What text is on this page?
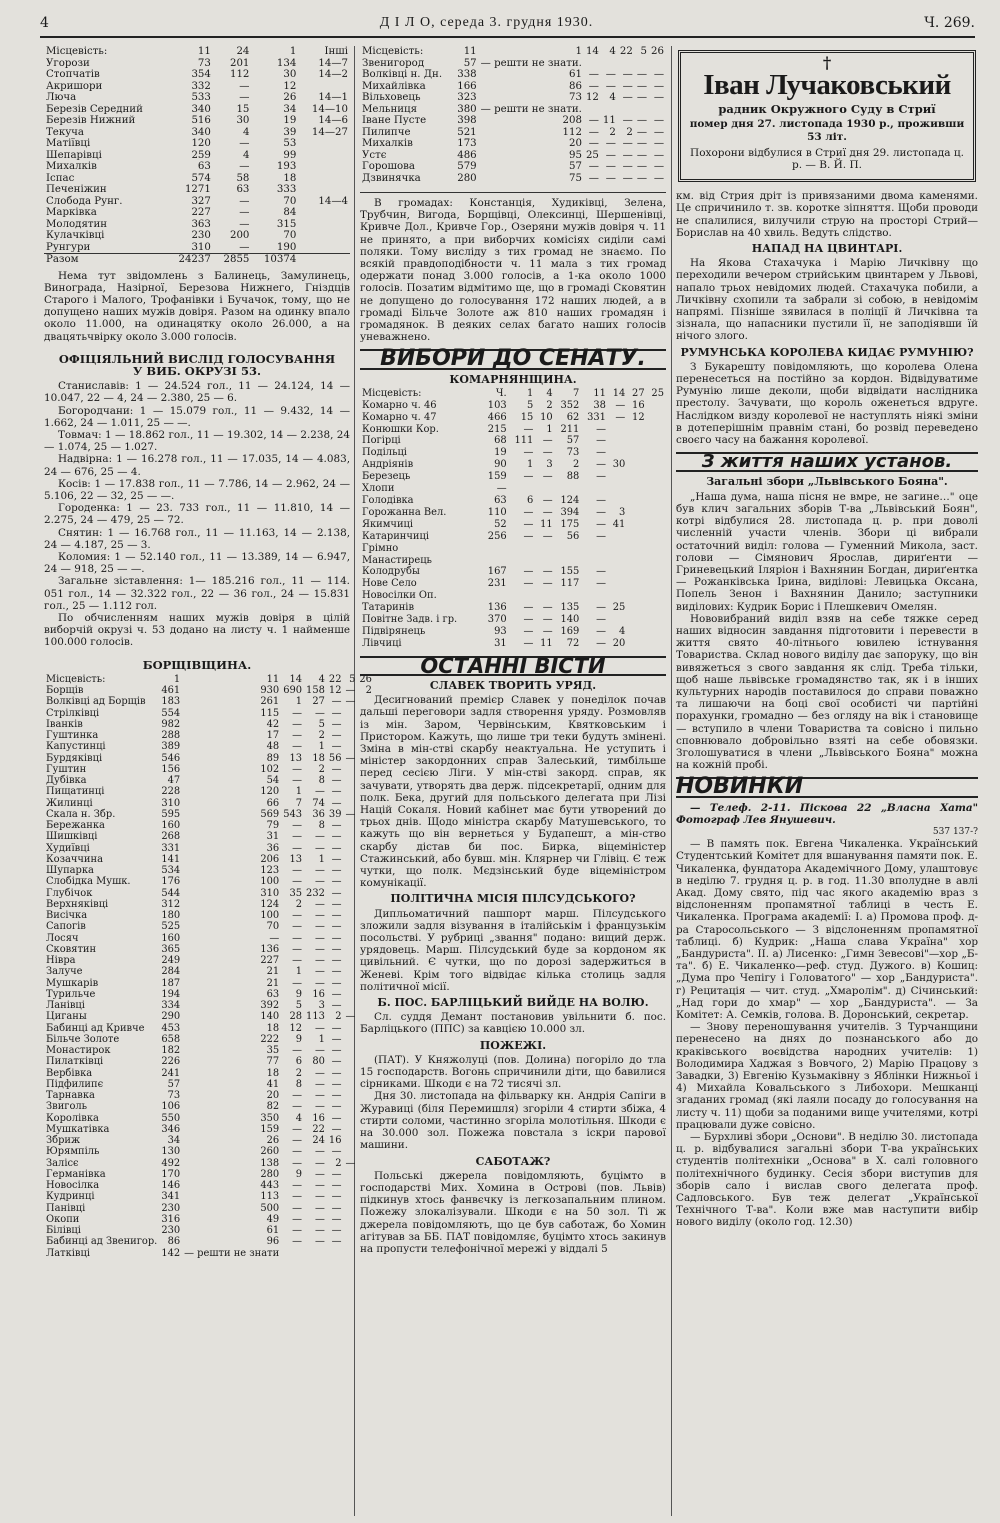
4	Д І Л О, середа 3. грудня 1930.	Ч. 269.
Місцевість:	11	24	1	Інші
Угорози	73	201	134	14—7
Стопчатів	354	112	30	14—2
Акришори	332	—	12	
Люча	533	—	26	14—1
Березів Середний	340	15	34	14—10
Березів Нижний	516	30	19	14—6
Текуча	340	4	39	14—27
Матіївці	120	—	53	
Шепарівці	259	4	99	
Михалків	63	—	193	
Іспас	574	58	18	
Печеніжин	1271	63	333	
Слобода Рунг.	327	—	70	14—4
Марківка	227	—	84	
Молодятин	363	—	315	
Кулачківці	230	200	70	
Рунгури	310	—	190	
Разом	24237	2855	10374	

Нема тут звідомлень з Балинець, Замулинець, Винограда, Назірної, Березова Нижнего, Гніздців Старого і Малого, Трофанівки і Бучачок, тому, що не допущено наших мужів довіря. Разом на одинку впало около 11.000, на одинацятку около 26.000, а на двацятьчвірку около 3.000 голосів.

ОФІЦІЯЛЬНИЙ ВИСЛІД ГОЛОСУВАННЯ
У ВИБ. ОКРУЗІ 53.

Станиславів: 1 — 24.524 гол., 11 — 24.124, 14 — 10.047, 22 — 4, 24 — 2.380, 25 — 6.

Богородчани: 1 — 15.079 гол., 11 — 9.432, 14 — 1.662, 24 — 1.011, 25 — —.

Товмач: 1 — 18.862 гол., 11 — 19.302, 14 — 2.238, 24 — 1.074, 25 — 1.027.

Надвірна: 1 — 16.278 гол., 11 — 17.035, 14 — 4.083, 24 — 676, 25 — 4.

Косів: 1 — 17.838 гол., 11 — 7.786, 14 — 2.962, 24 — 5.106, 22 — 32, 25 — —.

Городенка: 1 — 23. 733 гол., 11 — 11.810, 14 — 2.275, 24 — 479, 25 — 72.

Снятин: 1 — 16.768 гол., 11 — 11.163, 14 — 2.138, 24 — 4.187, 25 — 3.

Коломия: 1 — 52.140 гол., 11 — 13.389, 14 — 6.947, 24 — 918, 25 — —.

Загальне зіставлення: 1— 185.216 гол., 11 — 114. 051 гол., 14 — 32.322 гол., 22 — 36 гол., 24 — 15.831 гол., 25 — 1.112 гол.

По обчисленням наших мужів довіря в цілій виборчій окрузі ч. 53 додано на листу ч. 1 найменше 100.000 голосів.

БОРЩІВЩИНА.
Місцевість:	1	11	14	4	22	5	26
Борщів	461	930	690	158	12	—	2
Волківці ад Борщів	183	261	1	27	—	—	
Стрілківці	554	115	—	—	—		
Іванків	982	42	—	5	—		
Гуштинка	288	17	—	2	—		
Капустинці	389	48	—	1	—		
Бурдяківці	546	89	13	18	56	—	
Гуштин	156	102	—	2	—		
Дубівка	47	54	—	8	—		
Пищатинці	228	120	1	—	—		
Жилинці	310	66	7	74	—		
Скала н. Збр.	595	569	543	36	39	—	
Бережанка	160	79	—	8	—		
Шишківці	268	31	—	—	—		
Худиївці	331	36	—	—	—		
Козаччина	141	206	13	1	—		
Шупарка	534	123	—	—	—		
Слобідка Мушк.	176	100	—	—	—		
Глубічок	544	310	35	232	—		
Верхняківці	312	124	2	—	—		
Висічка	180	100	—	—	—		
Сапогів	525	70	—	—	—		
Лосяч	160	—	—	—	—		
Сковятин	365	136	—	—	—		
Нівра	249	227	—	—	—		
Залуче	284	21	1	—	—		
Мушкарів	187	21	—	—	—		
Турильче	194	63	9	16	—		
Ланівці	334	392	5	3	—		
Циганы	290	140	28	113	2	—	
Бабинці ад Кривче	453	18	12	—	—		
Більче Золоте	658	222	9	1	—		
Монастирок	182	35	—	—	—		
Пилатківці	226	77	6	80	—		
Вербівка	241	18	2	—	—		
Підфилипє	57	41	8	—	—		
Тарнавка	73	20	—	—	—		
Звиголь	106	82	—	—	—		
Королівка	550	350	4	16	—		
Мушкатівка	346	159	—	22	—		
Збриж	34	26	—	24	16		
Юрямпіль	130	260	—	—	—		
Залісє	492	138	—	—	2	—	
Германівка	170	280	9	—	—		
Новосілка	146	443	—	—	—		
Кудринці	341	113	—	—	—		
Панівці	230	500	—	—	—		
Окопи	316	49	—	—	—		
Білівці	230	61	—	—	—		
Бабинці ад Звенигор.	86	96	—	—	—		
Латківці	142	— решти не знати					
Місцевість:	11	1	14	4	22	5	26
Звенигород	57	— решти не знати.					
Волківці н. Дн.	338	61	—	—	—	—	—
Михайлівка	166	86	—	—	—	—	—
Вільховець	323	73	12	4	—	—	—
Мельниця	380	— решти не знати.					
Іване Пусте	398	208	—	11	—	—	—
Пилипче	521	112	—	2	2	—	—
Михалків	173	20	—	—	—	—	—
Устє	486	95	25	—	—	—	—
Горошова	579	57	—	—	—	—	—
Дзвинячка	280	75	—	—	—	—	—

В громадах: Констанція, Худиківці, Зелена, Трубчин, Вигода, Борщівці, Олексинці, Шершенівці, Кривче Дол., Кривче Гор., Озеряни мужів довіря ч. 11 не принято, а при виборчих комісіях сиділи самі поляки. Тому висліду з тих громад не знаємо. По всякій правдоподібности ч. 11 мала з тих громад одержати понад 3.000 голосів, а 1-ка около 1000 голосів. Позатим відмітимо ще, що в громаді Сковятин не допущено до голосування 172 наших людей, а в громаді Більче Золоте аж 810 наших громадян і громадянок. В деяких селах багато наших голосів уневажнено.

ВИБОРИ ДО СЕНАТУ.
КОМАРНЯНЩИНА.
Місцевість:	Ч.	1	4	7	11	14	27	25
Комарно ч. 46	103	5	2	352	38	—	16	
Комарно ч. 47	466	15	10	62	331	—	12	
Конюшки Кор.	215	—	1	211	—			
Погірці	68	111	—	57	—			
Подільці	19	—	—	73	—			
Андріянів	90	1	3	2	—	30		
Березець	159	—	—	88	—			
Хлопи	—							
Голодівка	63	6	—	124	—			
Горожанна Вел.	110	—	—	394	—	3		
Якимчиці	52	—	11	175	—	41		
Катаринчиці	256	—	—	56	—			
Грімно								
Манастирець								
Колодрубы	167	—	—	155	—			
Нове Село	231	—	—	117	—			
Новосілки Оп.								
Татаринів	136	—	—	135	—	25		
Повітне Задв. і гр.	370	—	—	140	—			
Підвірянець	93	—	—	169	—	4		
Лівчиці	31	—	11	72	—	20		
ОСТАННІ ВІСТИ
СЛАВЕК ТВОРИТЬ УРЯД.

Десигнований премієр Славек у понеділок почав дальші переговори задля створення уряду. Розмовляв із мін. Заром, Червінським, Квятковським і Пристором. Кажуть, що лише три теки будуть змінені. Зміна в мін-стві скарбу неактуальна. Не уступить і міністер закордонних справ Залеський, тимбільше перед сесією Ліги. У мін-стві закорд. справ, як зачувати, утворять два держ. підсекретарії, одним для полк. Бека, другий для польського делегата при Лізі Націй Сокаля. Новий кабінет має бути утворений до трьох днів. Щодо міністра скарбу Матушевського, то кажуть що він вернеться у Будапешт, а мін-ство скарбу дістав би пос. Бирка, віцеміністер Стажинський, або бувш. мін. Клярнер чи Глівіц. Є теж чутки, що полк. Мєдзінський буде віцеміністром комунікації.

ПОЛІТИЧНА МІСІЯ ПІЛСУДСЬКОГО?

Дипльоматичний пашпорт марш. Пілсудського зложили задля візування в італійськім і французькім посольстві. У рубриці „звання" подано: вищий держ. урядовець. Марш. Пілсудський буде за кордоном як цивільний. Є чутки, що по дорозі задержиться в Женеві. Крім того відвідає кілька столиць задля політичної місії.

Б. ПОС. БАРЛІЦЬКИЙ ВИЙДЕ НА ВОЛЮ.

Сл. суддя Демант постановив увільнити б. пос. Барліцького (ППС) за кавцією 10.000 зл.

ПОЖЕЖІ.

(ПАТ). У Княжолуці (пов. Долина) погоріло до тла 15 господарств. Вогонь спричинили діти, що бавилися сірниками. Шкоди є на 72 тисячі зл.

Дня 30. листопада на фільварку кн. Андрія Сапіги в Журавиці (біля Перемишля) згоріли 4 стирти збіжа, 4 стирти соломи, частинно згоріла молотільня. Шкоди є на 30.000 зол. Пожежа повстала з іскри парової машини.

САБОТАЖ?

Польські джерела повідомляють, буцімто в господарстві Мих. Хомина в Острові (пов. Львів) підкинув хтось фанвєчку із легкозапальним плином. Пожежу злокалізували. Шкоди є на 50 зол. Ті ж джерела повідомляють, що це був саботаж, бо Хомин агітував за ББ. ПАТ повідомляє, буцімто хтось закинув на пропусти телефонічної мережі у віддалі 5

†
Іван Лучаковський
радник Окружного Суду в Стриї
помер дня 27. листопада 1930 р., проживши 53 літ.
Похорони відбулися в Стриї дня 29. листопада ц. р. — В. Й. П.

км. від Стрия дріт із привязаними двома каменями. Це спричинило т. зв. коротке зіпняття. Щоби проводи не спалилися, вилучили струю на просторі Стрий—Борислав на 40 хвиль. Ведуть слідство.

НАПАД НА ЦВИНТАРІ.

На Якова Стахачука і Марію Личківну що переходили вечером стрийським цвинтарем у Львові, напало трьох невідомих людей. Стахачука побили, а Личківну схопили та забрали зі собою, в невідомім напрямі. Пізніше зявилася в поліції й Личківна та зізнала, що напасники пустили її, не заподіявши їй нічого злого.

РУМУНСЬКА КОРОЛЕВА КИДАЄ РУМУНІЮ?

З Букарешту повідомляють, що королева Олена перенесеться на постійно за кордон. Відвідуватиме Румунію лише деколи, щоби відвідати наслідника престолу. Зачувати, що король оженеться вдруге. Наслідком визду королевої не наступлять ніякі зміни в дотеперішнім правнім стані, бо розвід переведено своєго часу на бажання королевої.

З життя наших установ.
Загальні збори „Львівського Бояна".

„Наша дума, наша пісня не вмре, не загине…" оце був клич загальних зборів Т-ва „Львівський Боян", котрі відбулися 28. листопада ц. р. при доволі численній участи членів. Збори ці вибрали остаточний виділ: голова — Гуменний Микола, заст. голови — Сімянович Ярослав, дириґенти — Гриневецький Іляріон і Вахнянин Богдан, дириґентка — Рожанківська Ірина, виділові: Левицька Оксана, Попель Зенон і Вахнянин Данило; заступники виділових: Кудрик Борис і Плешкевич Омелян.

Нововибраний виділ взяв на себе тяжке серед наших відносин завдання підготовити і перевести в життя свято 40-літнього ювилею істнування Товариства. Склад нового виділу дає запоруку, що він вивяжеться з свого завдання як слід. Треба тільки, щоб наше львівське громадянство так, як і в інших культурних народів поставилося до справи поважно та лишаючи на боці свої особисті чи партійні порахунки, громадно — без огляду на вік і становище — вступило в члени Товариства та совісно і пильно сповнювало добровільно взяті на себе обовязки. Зголошуватися в члени „Львівського Бояна" можна на кожній пробі.

НОВИНКИ

— Телеф. 2-11. Піскова 22 „Власна Хата" Фотограф Лев Янушевич.

537 137-?

— В память пок. Евгена Чикаленка. Український Студентський Комітет для вшанування памяти пок. Е. Чикаленка, фундатора Академічного Дому, улаштовує в неділю 7. грудня ц. р. в год. 11.30 вполудне в авлі Акад. Дому свято, під час якого академію враз з відслоненням пропамятної таблиці в честь Е. Чикаленка. Програма академії: І. а) Промова проф. д-ра Старосольського — З відслоненням пропамятної таблиці. б) Кудрик: „Наша слава Україна" хор „Бандуриста". ІІ. а) Лисенко: „Гимн Зевесові"—хор „Б-та". б) Е. Чикаленко—реф. студ. Дужого. в) Кошиц: „Дума про Чепігу і Головатого" — хор „Бандуриста". г) Рецитація — чит. студ. „Хмаролім". д) Січинський: „Над гори до хмар" — хор „Бандуриста". — За Комітет: А. Семків, голова. В. Доронський, секретар.

— Знову переношування учителів. З Турчанщини перенесено на днях до познанського або до краківського воєвідства народних учителів: 1) Володимира Хаджая з Вовчого, 2) Марію Працову з Завадки, 3) Евгенію Кузьмаківну з Яблінки Нижньої і 4) Михайла Ковальського з Либохори. Мешканці згаданих громад (які лаяли посаду до голосування на листу ч. 11) щоби за поданими вище учителями, котрі працювали дуже совісно.

— Бурхливі збори „Основи". В неділю 30. листопада ц. р. відбувалися загальні збори Т-ва українських студентів політехніки „Основа" в Х. салі головного політехнічного будинку. Сесія збори виступив для зборів сало і вислав свого делегата проф. Садловського. Був теж делегат „Української Технічного Т-ва". Коли вже мав наступити вибір нового виділу (около год. 12.30)
